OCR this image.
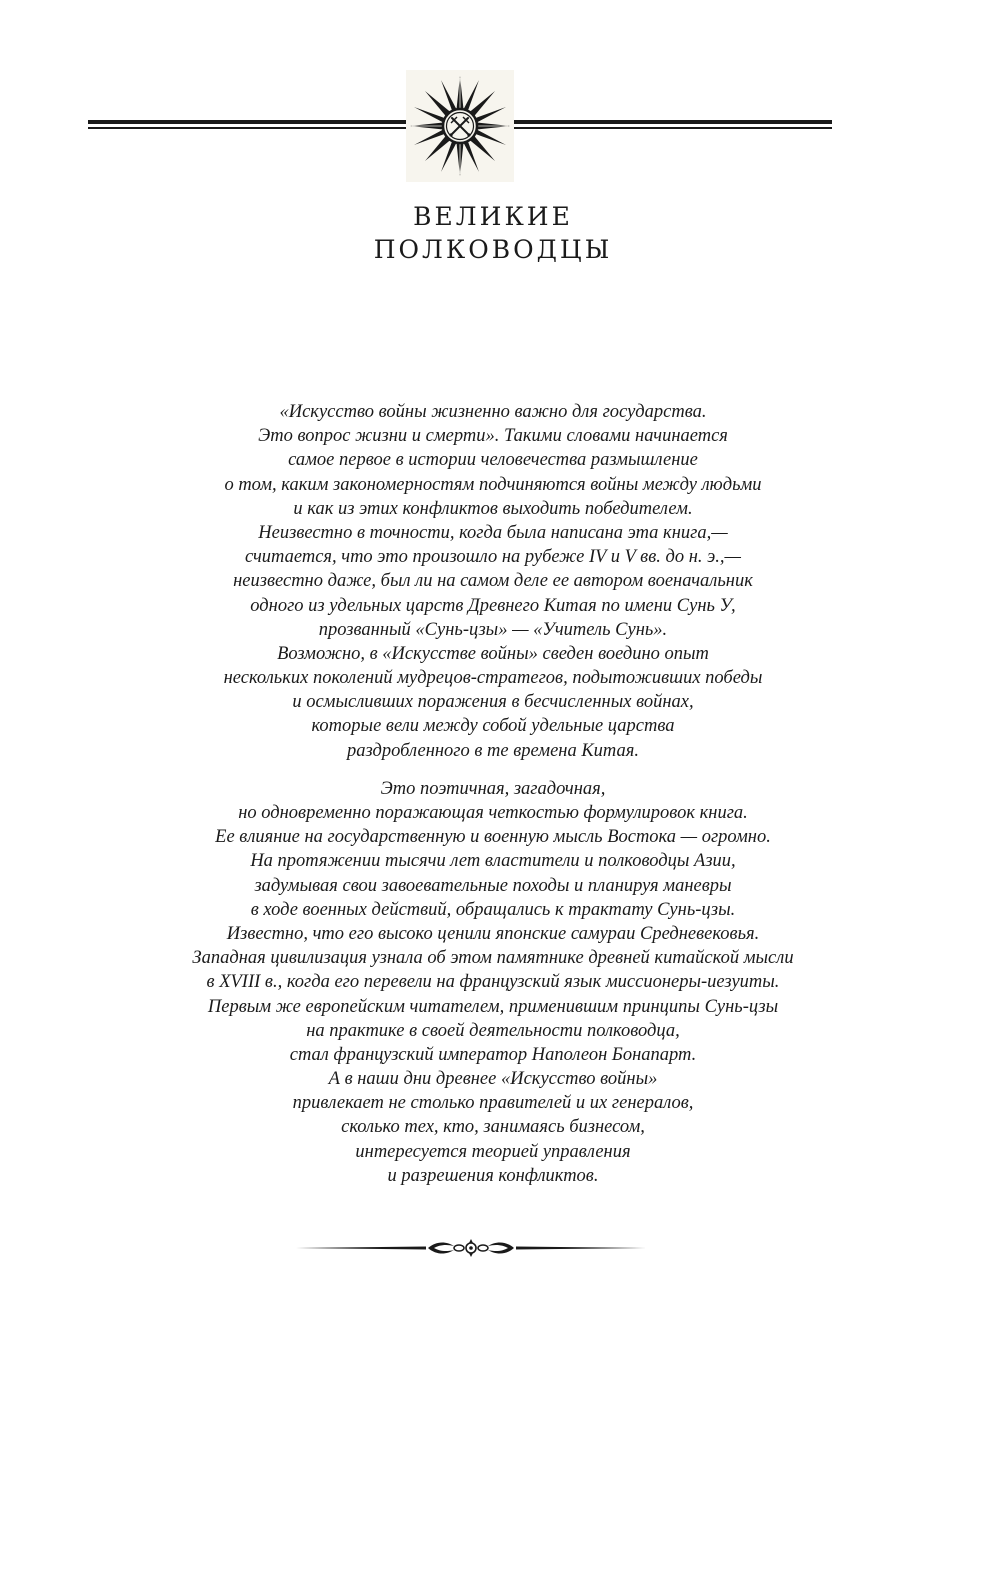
ВЕЛИКИЕ
ПОЛКОВОДЦЫ

«Искусство войны жизненно важно для государства.
Это вопрос жизни и смерти». Такими словами начинается
самое первое в истории человечества размышление
о том, каким закономерностям подчиняются войны между людьми
и как из этих конфликтов выходить победителем.
Неизвестно в точности, когда была написана эта книга,—
считается, что это произошло на рубеже IV и V вв. до н. э.,—
неизвестно даже, был ли на самом деле ее автором военачальник
одного из удельных царств Древнего Китая по имени Сунь У,
прозванный «Сунь-цзы» — «Учитель Сунь».
Возможно, в «Искусстве войны» сведен воедино опыт
нескольких поколений мудрецов-стратегов, подытоживших победы
и осмысливших поражения в бесчисленных войнах,
которые вели между собой удельные царства
раздробленного в те времена Китая.

Это поэтичная, загадочная,
но одновременно поражающая четкостью формулировок книга.
Ее влияние на государственную и военную мысль Востока — огромно.
На протяжении тысячи лет властители и полководцы Азии,
задумывая свои завоевательные походы и планируя маневры
в ходе военных действий, обращались к трактату Сунь-цзы.
Известно, что его высоко ценили японские самураи Средневековья.
Западная цивилизация узнала об этом памятнике древней китайской мысли
в XVIII в., когда его перевели на французский язык миссионеры-иезуиты.
Первым же европейским читателем, применившим принципы Сунь-цзы
на практике в своей деятельности полководца,
стал французский император Наполеон Бонапарт.
А в наши дни древнее «Искусство войны»
привлекает не столько правителей и их генералов,
сколько тех, кто, занимаясь бизнесом,
интересуется теорией управления
и разрешения конфликтов.
